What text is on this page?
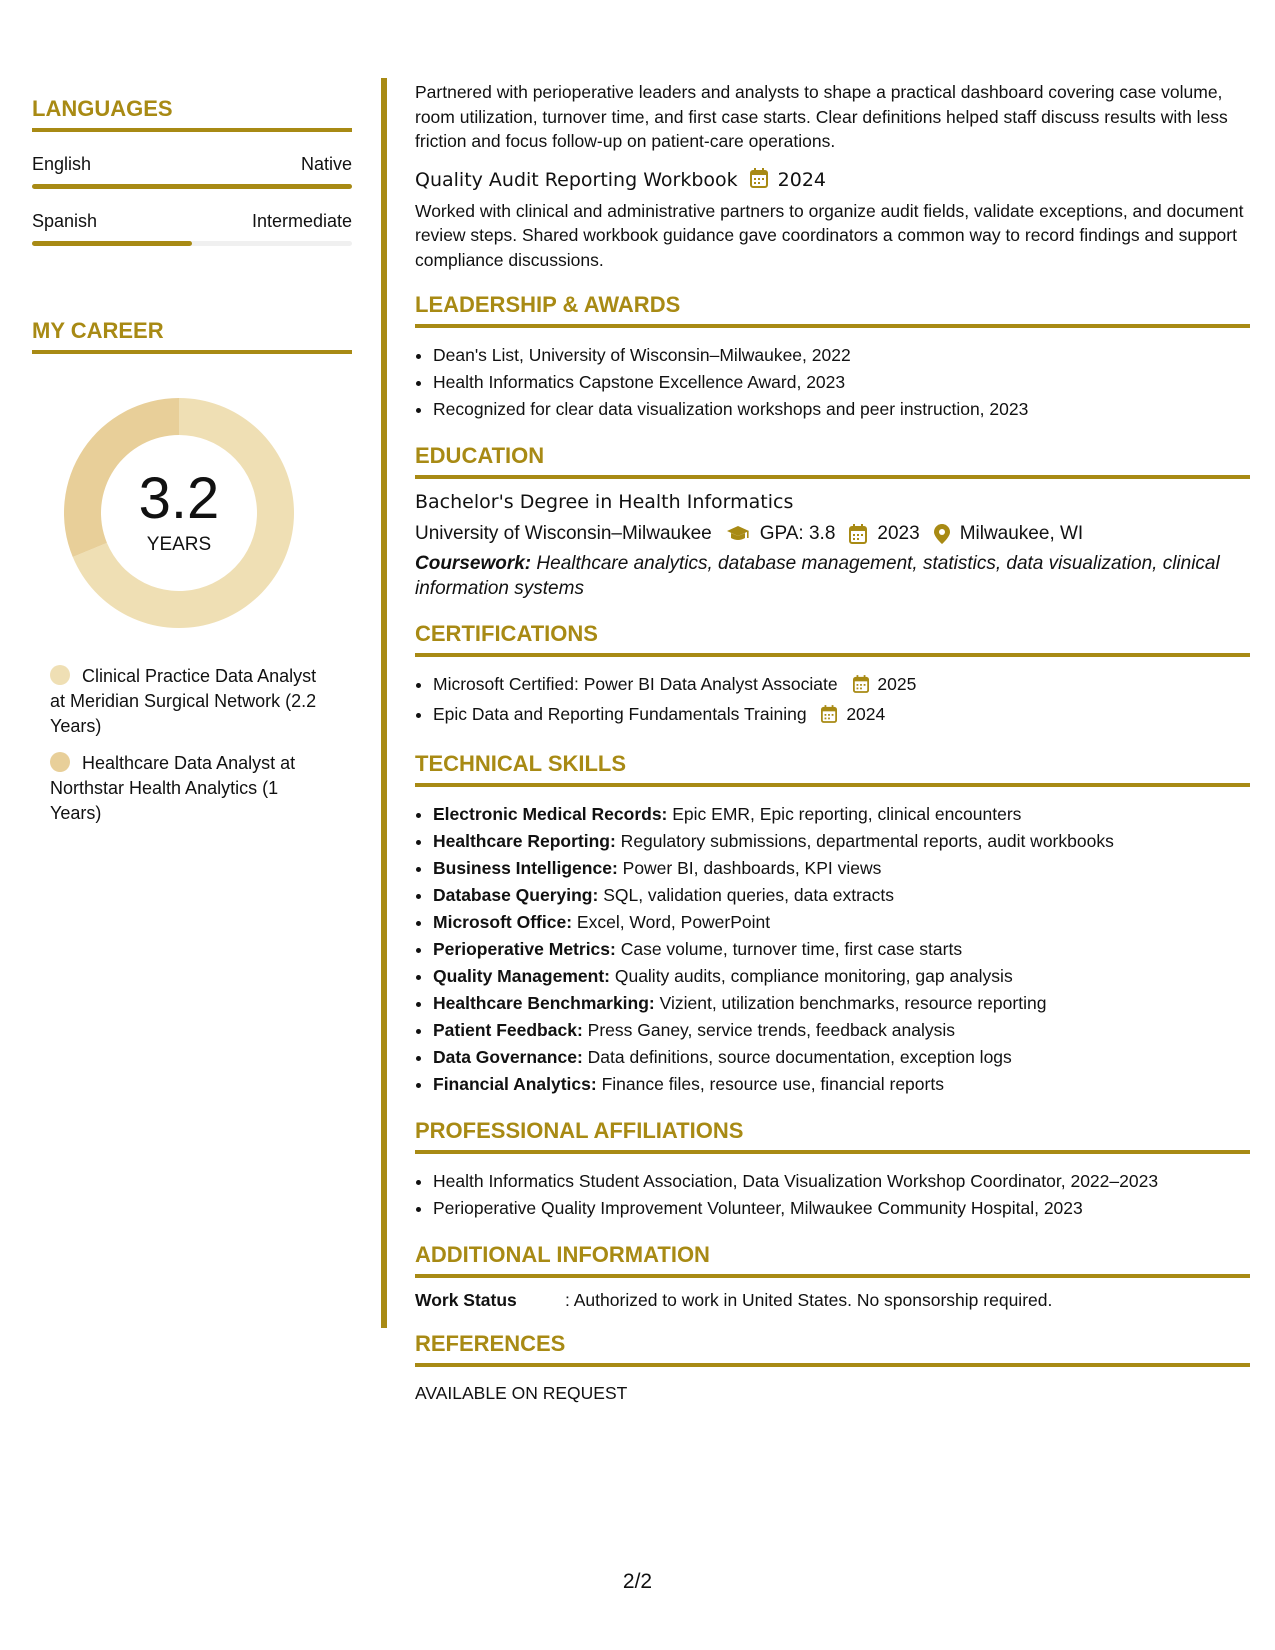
LANGUAGES
English	Native
Spanish	Intermediate
MY CAREER
3.2
YEARS
Clinical Practice Data Analyst at Meridian Surgical Network (2.2 Years)
Healthcare Data Analyst at Northstar Health Analytics (1 Years)

Partnered with perioperative leaders and analysts to shape a practical dashboard covering case volume, room utilization, turnover time, and first case starts. Clear definitions helped staff discuss results with less friction and focus follow-up on patient-care operations.

Quality Audit Reporting Workbook 2024

Worked with clinical and administrative partners to organize audit fields, validate exceptions, and document review steps. Shared workbook guidance gave coordinators a common way to record findings and support compliance discussions.

LEADERSHIP & AWARDS
• Dean's List, University of Wisconsin–Milwaukee, 2022
• Health Informatics Capstone Excellence Award, 2023
• Recognized for clear data visualization workshops and peer instruction, 2023
EDUCATION
Bachelor's Degree in Health Informatics
University of Wisconsin–Milwaukee	GPA: 3.8 2023 Milwaukee, WI
Coursework: Healthcare analytics, database management, statistics, data visualization, clinical information systems
CERTIFICATIONS
• Microsoft Certified: Power BI Data Analyst Associate 2025
• Epic Data and Reporting Fundamentals Training 2024
TECHNICAL SKILLS
• Electronic Medical Records: Epic EMR, Epic reporting, clinical encounters
• Healthcare Reporting: Regulatory submissions, departmental reports, audit workbooks
• Business Intelligence: Power BI, dashboards, KPI views
• Database Querying: SQL, validation queries, data extracts
• Microsoft Office: Excel, Word, PowerPoint
• Perioperative Metrics: Case volume, turnover time, first case starts
• Quality Management: Quality audits, compliance monitoring, gap analysis
• Healthcare Benchmarking: Vizient, utilization benchmarks, resource reporting
• Patient Feedback: Press Ganey, service trends, feedback analysis
• Data Governance: Data definitions, source documentation, exception logs
• Financial Analytics: Finance files, resource use, financial reports
PROFESSIONAL AFFILIATIONS
• Health Informatics Student Association, Data Visualization Workshop Coordinator, 2022–2023
• Perioperative Quality Improvement Volunteer, Milwaukee Community Hospital, 2023
ADDITIONAL INFORMATION
Work Status	: Authorized to work in United States. No sponsorship required.
REFERENCES
AVAILABLE ON REQUEST
2/2
